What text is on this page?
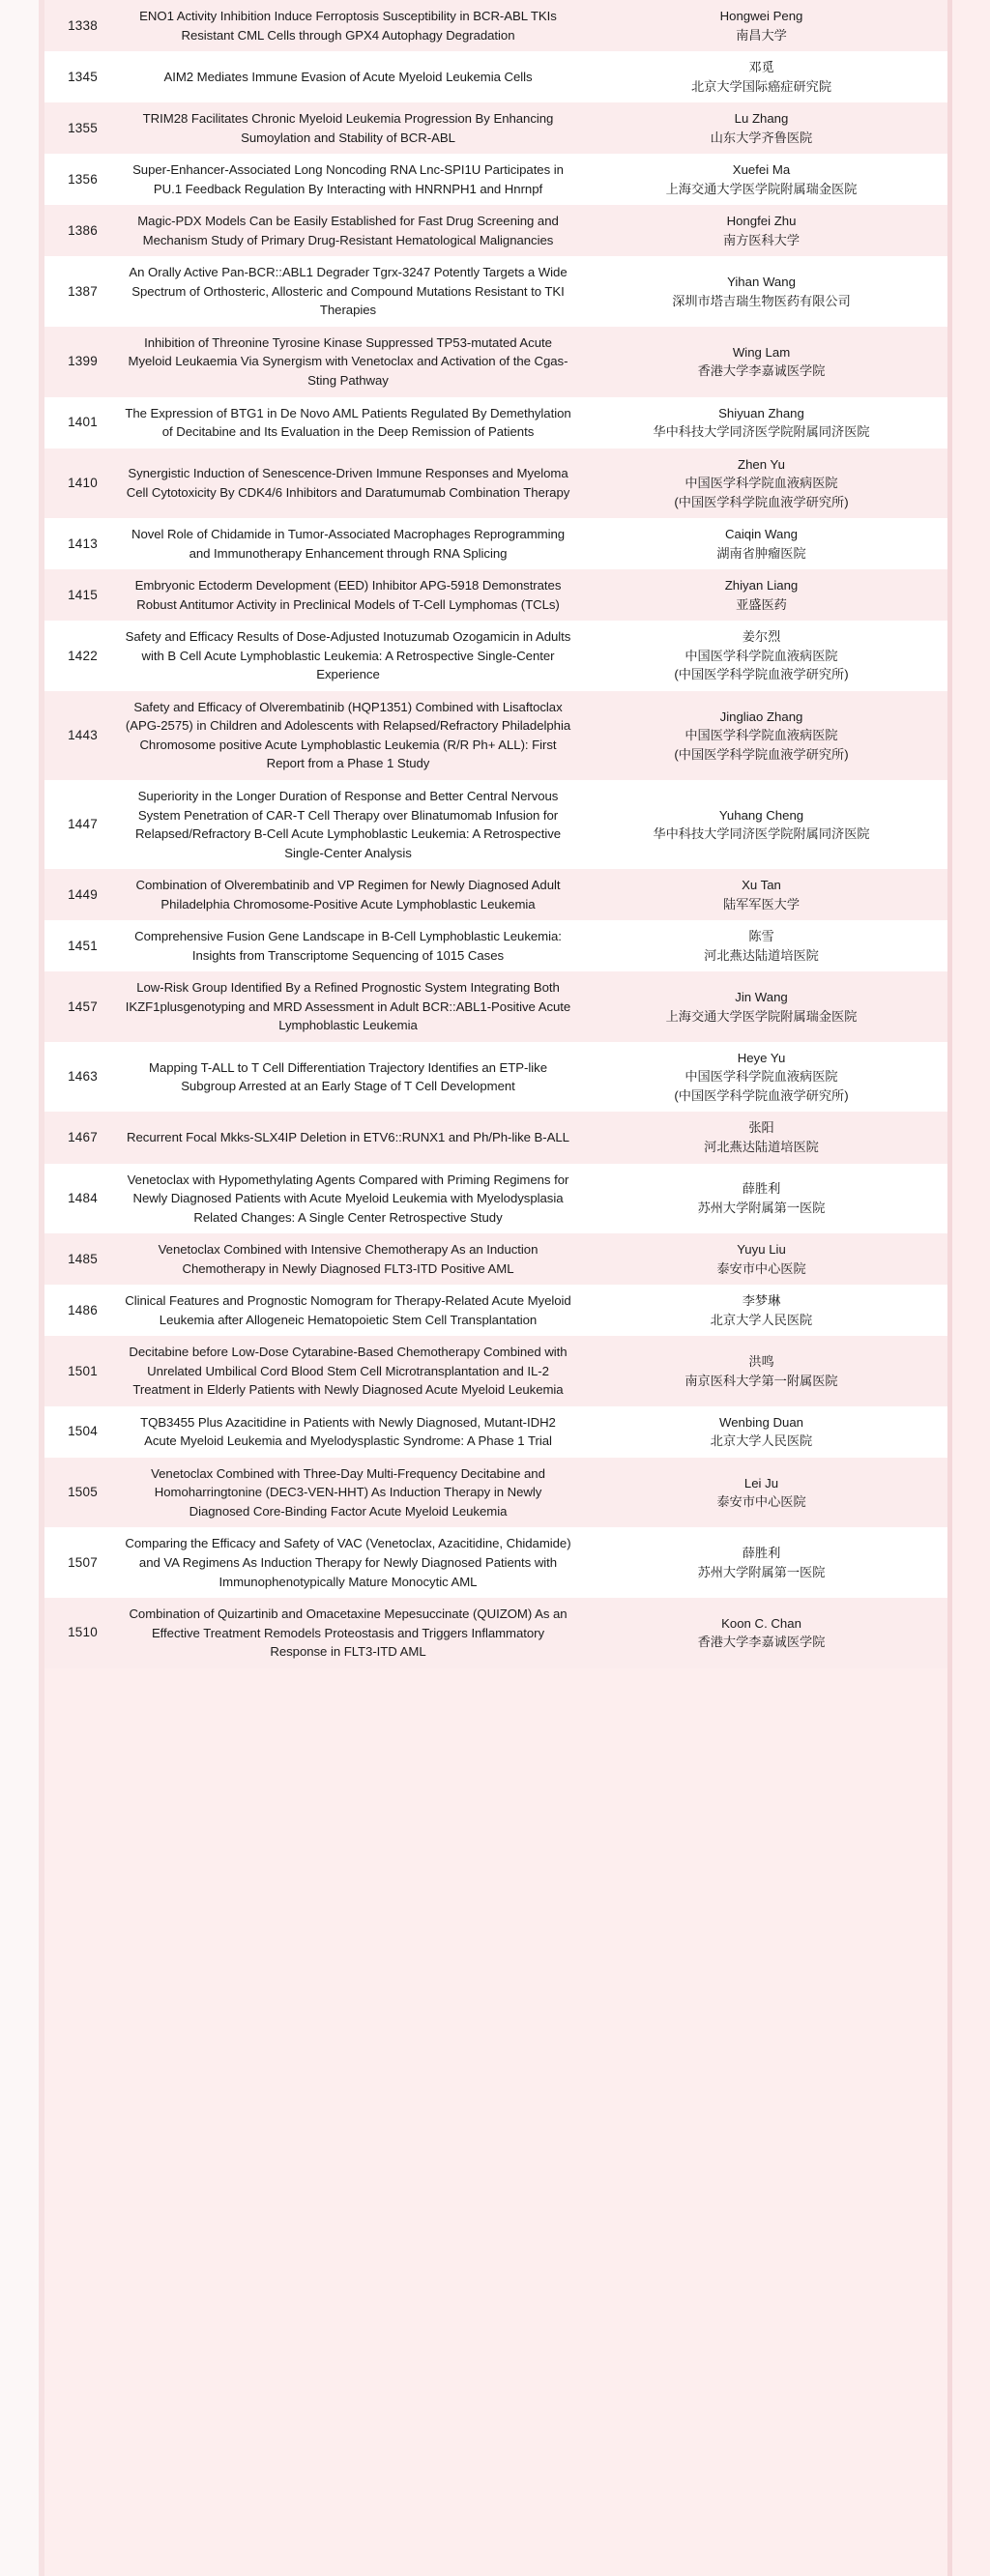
1338	ENO1 Activity Inhibition Induce Ferroptosis Susceptibility in BCR-ABL TKIs Resistant CML Cells through GPX4 Autophagy Degradation	Hongwei Peng
南昌大学

1345	AIM2 Mediates Immune Evasion of Acute Myeloid Leukemia Cells	邓觅
北京大学国际癌症研究院

1355	TRIM28 Facilitates Chronic Myeloid Leukemia Progression By Enhancing Sumoylation and Stability of BCR-ABL	Lu Zhang
山东大学齐鲁医院

1356	Super-Enhancer-Associated Long Noncoding RNA Lnc-SPI1U Participates in PU.1 Feedback Regulation By Interacting with HNRNPH1 and Hnrnpf	Xuefei Ma
上海交通大学医学院附属瑞金医院

1386	Magic-PDX Models Can be Easily Established for Fast Drug Screening and Mechanism Study of Primary Drug-Resistant Hematological Malignancies	Hongfei Zhu
南方医科大学

1387	An Orally Active Pan-BCR::ABL1 Degrader Tgrx-3247 Potently Targets a Wide Spectrum of Orthosteric, Allosteric and Compound Mutations Resistant to TKI Therapies	Yihan Wang
深圳市塔吉瑞生物医药有限公司

1399	Inhibition of Threonine Tyrosine Kinase Suppressed TP53-mutated Acute Myeloid Leukaemia Via Synergism with Venetoclax and Activation of the Cgas-Sting Pathway	Wing Lam
香港大学李嘉诚医学院

1401	The Expression of BTG1 in De Novo AML Patients Regulated By Demethylation of Decitabine and Its Evaluation in the Deep Remission of Patients	Shiyuan Zhang
华中科技大学同济医学院附属同济医院

1410	Synergistic Induction of Senescence-Driven Immune Responses and Myeloma Cell Cytotoxicity By CDK4/6 Inhibitors and Daratumumab Combination Therapy	Zhen Yu
中国医学科学院血液病医院
(中国医学科学院血液学研究所)

1413	Novel Role of Chidamide in Tumor-Associated Macrophages Reprogramming and Immunotherapy Enhancement through RNA Splicing	Caiqin Wang
湖南省肿瘤医院

1415	Embryonic Ectoderm Development (EED) Inhibitor APG-5918 Demonstrates Robust Antitumor Activity in Preclinical Models of T-Cell Lymphomas (TCLs)	Zhiyan Liang
亚盛医药

1422	Safety and Efficacy Results of Dose-Adjusted Inotuzumab Ozogamicin in Adults with B Cell Acute Lymphoblastic Leukemia: A Retrospective Single-Center Experience	姜尔烈
中国医学科学院血液病医院
(中国医学科学院血液学研究所)

1443	Safety and Efficacy of Olverembatinib (HQP1351) Combined with Lisaftoclax (APG-2575) in Children and Adolescents with Relapsed/Refractory Philadelphia Chromosome positive Acute Lymphoblastic Leukemia (R/R Ph+ ALL): First Report from a Phase 1 Study	
Jingliao Zhang
中国医学科学院血液病医院
(中国医学科学院血液学研究所)

1447	Superiority in the Longer Duration of Response and Better Central Nervous System Penetration of CAR-T Cell Therapy over Blinatumomab Infusion for Relapsed/Refractory B-Cell Acute Lymphoblastic Leukemia: A Retrospective Single-Center Analysis	Yuhang Cheng
华中科技大学同济医学院附属同济医院

1449	Combination of Olverembatinib and VP Regimen for Newly Diagnosed Adult Philadelphia Chromosome-Positive Acute Lymphoblastic Leukemia	Xu Tan
陆军军医大学

1451	Comprehensive Fusion Gene Landscape in B-Cell Lymphoblastic Leukemia: Insights from Transcriptome Sequencing of 1015 Cases	陈雪
河北燕达陆道培医院

1457	Low-Risk Group Identified By a Refined Prognostic System Integrating Both IKZF1plusgenotyping and MRD Assessment in Adult BCR::ABL1-Positive Acute Lymphoblastic Leukemia	Jin Wang
上海交通大学医学院附属瑞金医院

1463	Mapping T-ALL to T Cell Differentiation Trajectory Identifies an ETP-like Subgroup Arrested at an Early Stage of T Cell Development	Heye Yu
中国医学科学院血液病医院
(中国医学科学院血液学研究所)

1467	Recurrent Focal Mkks-SLX4IP Deletion in ETV6::RUNX1 and Ph/Ph-like B-ALL	张阳
河北燕达陆道培医院

1484	Venetoclax with Hypomethylating Agents Compared with Priming Regimens for Newly Diagnosed Patients with Acute Myeloid Leukemia with Myelodysplasia Related Changes: A Single Center Retrospective Study	薛胜利
苏州大学附属第一医院

1485	Venetoclax Combined with Intensive Chemotherapy As an Induction Chemotherapy in Newly Diagnosed FLT3-ITD Positive AML	Yuyu Liu
泰安市中心医院

1486	Clinical Features and Prognostic Nomogram for Therapy-Related Acute Myeloid Leukemia after Allogeneic Hematopoietic Stem Cell Transplantation	李梦琳
北京大学人民医院

1501	Decitabine before Low-Dose Cytarabine-Based Chemotherapy Combined with Unrelated Umbilical Cord Blood Stem Cell Microtransplantation and IL-2 Treatment in Elderly Patients with Newly Diagnosed Acute Myeloid Leukemia	洪鸣
南京医科大学第一附属医院

1504	TQB3455 Plus Azacitidine in Patients with Newly Diagnosed, Mutant-IDH2 Acute Myeloid Leukemia and Myelodysplastic Syndrome: A Phase 1 Trial	Wenbing Duan
北京大学人民医院

1505	Venetoclax Combined with Three-Day Multi-Frequency Decitabine and Homoharringtonine (DEC3-VEN-HHT) As Induction Therapy in Newly Diagnosed Core-Binding Factor Acute Myeloid Leukemia	Lei Ju
泰安市中心医院

1507	Comparing the Efficacy and Safety of VAC (Venetoclax, Azacitidine, Chidamide) and VA Regimens As Induction Therapy for Newly Diagnosed Patients with Immunophenotypically Mature Monocytic AML	薛胜利
苏州大学附属第一医院

1510	Combination of Quizartinib and Omacetaxine Mepesuccinate (QUIZOM) As an Effective Treatment Remodels Proteostasis and Triggers Inflammatory Response in FLT3-ITD AML	Koon C. Chan
香港大学李嘉诚医学院
